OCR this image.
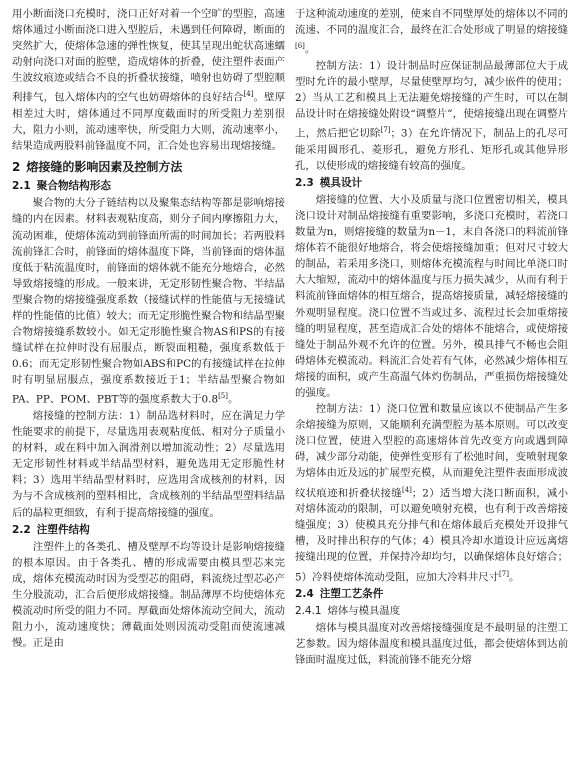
用小断面浇口充模时，浇口正好对着一个空旷的型腔，高速熔体通过小断面浇口进入型腔后，未遇到任何障碍，断面的突然扩大，使熔体急速的弹性恢复，使其呈现出蛇状高速蠕动射向浇口对面的腔壁，造成熔体的折叠，使注塑件表面产生波纹痕迹或结合不良的折叠状接缝，喷射也妨碍了型腔顺利排气，包入熔体内的空气也妨碍熔体的良好结合[4]。壁厚相差过大时，熔体通过不同厚度截面时的所受阻力差别很大，阻力小则，流动速率快，所受阻力大则，流动速率小，结果造成两股料前锋温度不同，汇合处也容易出现熔接缝。

2 熔接缝的影响因素及控制方法
2.1 聚合物结构形态

聚合物的大分子链结构以及聚集态结构等都是影响熔接缝的内在因素。材料表观粘度高，则分子间内摩擦阻力大，流动困难，使熔体流动到前锋面所需的时间加长；若两股料流前锋汇合时，前锋面的熔体温度下降，当前锋面的熔体温度低于粘流温度时，前锋面的熔体就不能充分地熔合，必然导致熔接缝的形成。一般来讲，无定形韧性聚合物、半结晶型聚合物的熔接缝强度系数（接缝试样的性能值与无接缝试样的性能值的比值）较大；而无定形脆性聚合物和结晶型聚合物熔接缝系数较小。如无定形脆性聚合物AS和PS的有接缝试样在拉伸时没有屈服点，断裂面粗糙，强度系数低于0.6；而无定形韧性聚合物如ABS和PC的有接缝试样在拉伸时有明显屈服点，强度系数接近于1；半结晶型聚合物如PA、PP、POM、PBT等的强度系数大于0.8[5]。

熔接缝的控制方法：1）制品选材料时，应在满足力学性能要求的前提下，尽量选用表观粘度低、相对分子质量小的材料，或在料中加入润滑剂以增加流动性；2）尽量选用无定形韧性材料或半结晶型材料，避免选用无定形脆性材料；3）选用半结晶型材料时，应选用含成核剂的材料，因为与不含成核剂的塑料相比，含成核剂的半结晶型塑料结晶后的晶粒更细致，有利于提高熔接缝的强度。

2.2 注塑件结构

注塑件上的各类孔、槽及壁厚不均等设计是影响熔接缝的根本原因。由于各类孔、槽的形成需要由模具型芯来完成，熔体充模流动时因为受型芯的阻碍，料流绕过型芯必产生分股流动，汇合后便形成熔接缝。制品薄厚不均使熔体充模流动时所受的阻力不同。厚截面处熔体流动空间大，流动阻力小，流动速度快；薄截面处则因流动受阻而使流速减慢。正是由

于这种流动速度的差别，使来自不同壁厚处的熔体以不同的流速、不同的温度汇合，最终在汇合处形成了明显的熔接缝[6]。

控制方法：1）设计制品时应保证制品最薄部位大于成型时允许的最小壁厚，尽量使壁厚均匀，减少嵌件的使用；2）当从工艺和模具上无法避免熔接缝的产生时，可以在制品设计时在熔接缝处附设“调整片”，使熔接缝出现在调整片上，然后把它切除[7]；3）在允许情况下，制品上的孔尽可能采用圆形孔、菱形孔，避免方形孔、矩形孔或其他异形孔，以使形成的熔接缝有较高的强度。

2.3 模具设计

熔接缝的位置、大小及质量与浇口位置密切相关，模具浇口设计对制品熔接缝有重要影响，多浇口充模时，若浇口数量为n，则熔接缝的数量为n－1，末自各浇口的料流前锋熔体若不能很好地熔合，将会使熔接缝加重；但对尺寸较大的制品，若采用多浇口，则熔体充模流程与时间比单浇口时大大缩短，流动中的熔体温度与压力损失减少，从而有利于料流前锋面熔体的相互熔合，提高熔接质量，减轻熔接缝的外观明显程度。浇口位置不当或过多、流程过长会加重熔接缝的明显程度，甚至造成汇合处的熔体不能熔合，或使熔接缝处于制品外观不允许的位置。另外，模具排气不畅也会阻碍熔体充模流动。料流汇合处若有气体，必然减少熔体相互熔接的面积，或产生高温气体灼伤制品，严重损伤熔接缝处的强度。

控制方法：1）浇口位置和数量应该以不使制品产生多余熔接缝为原则，又能顺利充满型腔为基本原则。可以改变浇口位置，使进入型腔的高速熔体首先改变方向或遇到障碍，减少部分动能，使弹性变形有了松弛时间，变喷射现象为熔体由近及远的扩展型充模，从而避免注塑件表面形成波纹状痕迹和折叠状接缝[4]；2）适当增大浇口断面积，减小对熔体流动的限制，可以避免喷射充模，也有利于改善熔接缝强度；3）使模具充分排气和在熔体最后充模处开设排气槽，及时排出积存的气体；4）模具冷却水道设计应远离熔接缝出现的位置，并保持冷却均匀，以确保熔体良好熔合；5）冷料使熔体流动受阻，应加大冷料井尺寸[7]。

2.4 注塑工艺条件
2.4.1 熔体与模具温度

熔体与模具温度对改善熔接缝强度是不最明显的注塑工艺参数。因为熔体温度和模具温度过低，都会使熔体到达前锋面时温度过低，料流前锋不能充分熔
